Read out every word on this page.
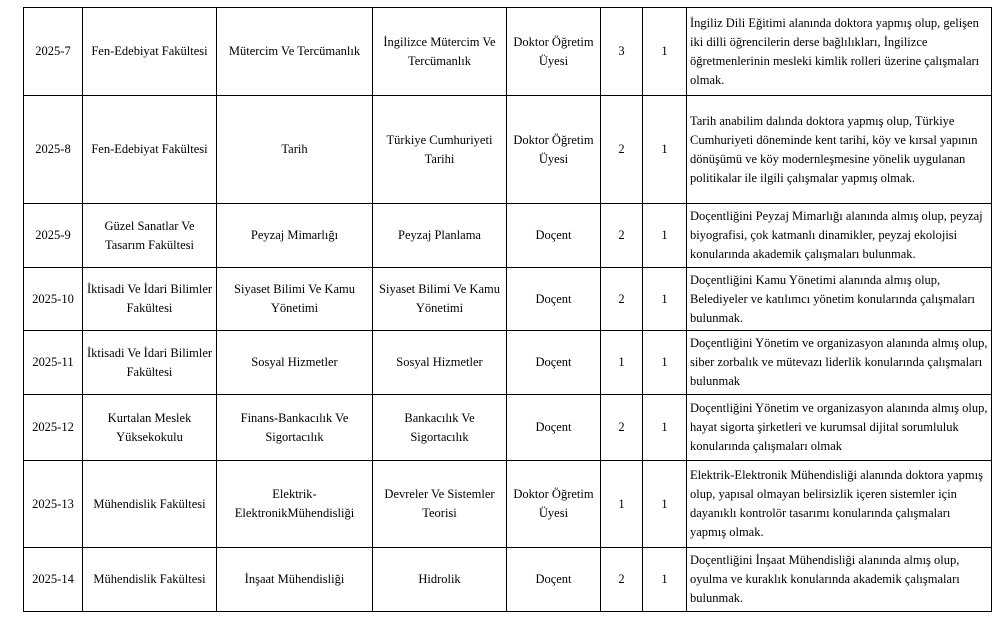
2025-7	Fen-Edebiyat Fakültesi	Mütercim Ve Tercümanlık	İngilizce Mütercim Ve Tercümanlık	Doktor Öğretim Üyesi	3	1	İngiliz Dili Eğitimi alanında doktora yapmış olup, gelişen iki dilli öğrencilerin derse bağlılıkları, İngilizce öğretmenlerinin mesleki kimlik rolleri üzerine çalışmaları olmak.
2025-8	Fen-Edebiyat Fakültesi	Tarih	Türkiye Cumhuriyeti Tarihi	Doktor Öğretim Üyesi	2	1	Tarih anabilim dalında doktora yapmış olup, Türkiye Cumhuriyeti döneminde kent tarihi, köy ve kırsal yapının dönüşümü ve köy modernleşmesine yönelik uygulanan politikalar ile ilgili çalışmalar yapmış olmak.
2025-9	Güzel Sanatlar Ve Tasarım Fakültesi	Peyzaj Mimarlığı	Peyzaj Planlama	Doçent	2	1	Doçentliğini Peyzaj Mimarlığı alanında almış olup, peyzaj biyografisi, çok katmanlı dinamikler, peyzaj ekolojisi konularında akademik çalışmaları bulunmak.
2025-10	İktisadi Ve İdari Bilimler Fakültesi	Siyaset Bilimi Ve Kamu Yönetimi	Siyaset Bilimi Ve Kamu Yönetimi	Doçent	2	1	Doçentliğini Kamu Yönetimi alanında almış olup, Belediyeler ve katılımcı yönetim konularında çalışmaları bulunmak.
2025-11	İktisadi Ve İdari Bilimler Fakültesi	Sosyal Hizmetler	Sosyal Hizmetler	Doçent	1	1	Doçentliğini Yönetim ve organizasyon alanında almış olup, siber zorbalık ve mütevazı liderlik konularında çalışmaları bulunmak
2025-12	Kurtalan Meslek Yüksekokulu	Finans-Bankacılık Ve Sigortacılık	Bankacılık Ve Sigortacılık	Doçent	2	1	Doçentliğini Yönetim ve organizasyon alanında almış olup, hayat sigorta şirketleri ve kurumsal dijital sorumluluk konularında çalışmaları olmak
2025-13	Mühendislik Fakültesi	Elektrik-ElektronikMühendisliği	Devreler Ve Sistemler Teorisi	Doktor Öğretim Üyesi	1	1	Elektrik-Elektronik Mühendisliği alanında doktora yapmış olup, yapısal olmayan belirsizlik içeren sistemler için dayanıklı kontrolör tasarımı konularında çalışmaları yapmış olmak.
2025-14	Mühendislik Fakültesi	İnşaat Mühendisliği	Hidrolik	Doçent	2	1	Doçentliğini İnşaat Mühendisliği alanında almış olup, oyulma ve kuraklık konularında akademik çalışmaları bulunmak.
